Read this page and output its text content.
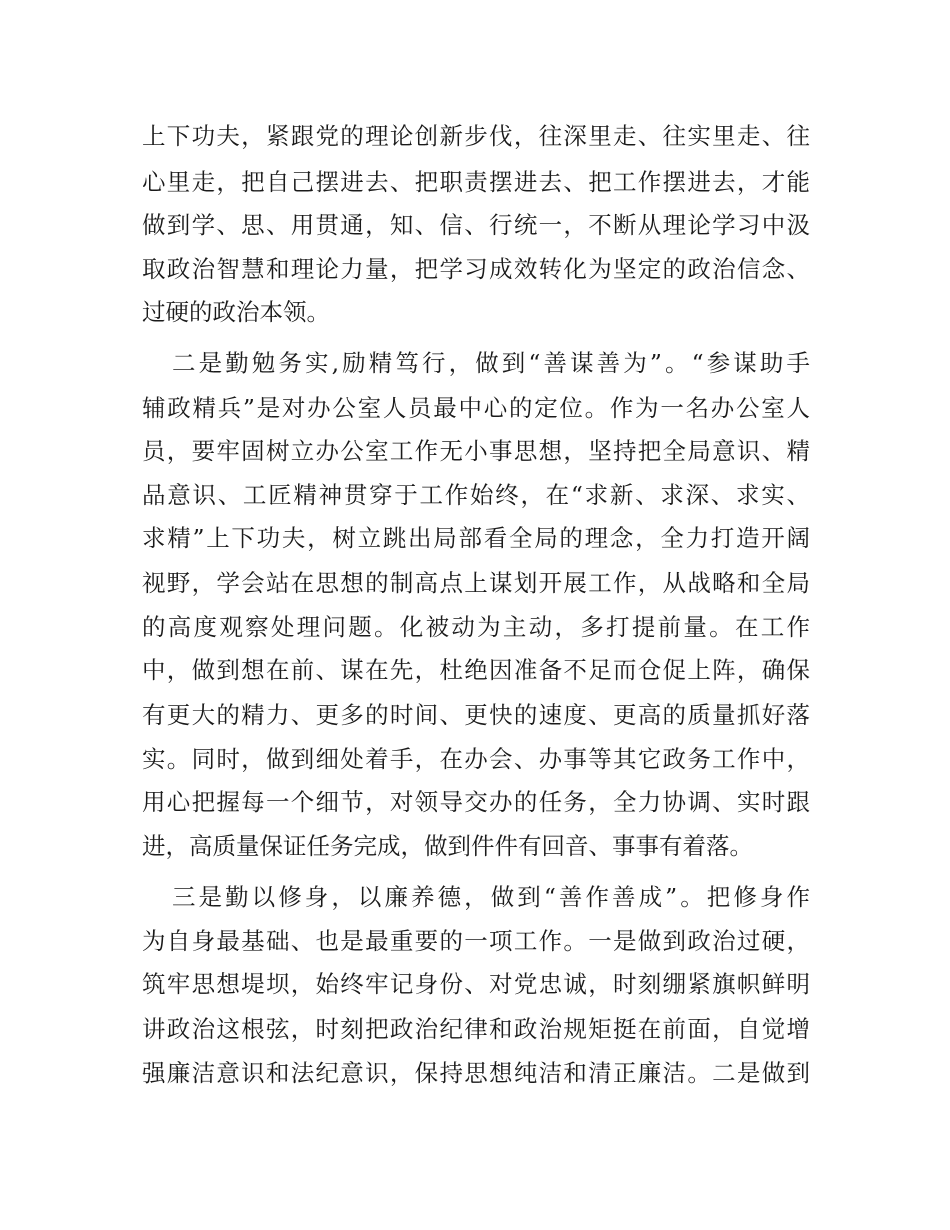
上下功夫，紧跟党的理论创新步伐，往深里走、往实里走、往
心里走，把自己摆进去、把职责摆进去、把工作摆进去，才能
做到学、思、用贯通，知、信、行统一，不断从理论学习中汲
取政治智慧和理论力量，把学习成效转化为坚定的政治信念、
过硬的政治本领。
二是勤勉务实,励精笃行，做到“善谋善为”。“参谋助手
辅政精兵”是对办公室人员最中心的定位。作为一名办公室人
员，要牢固树立办公室工作无小事思想，坚持把全局意识、精
品意识、工匠精神贯穿于工作始终，在“求新、求深、求实、
求精”上下功夫，树立跳出局部看全局的理念，全力打造开阔
视野，学会站在思想的制高点上谋划开展工作，从战略和全局
的高度观察处理问题。化被动为主动，多打提前量。在工作
中，做到想在前、谋在先，杜绝因准备不足而仓促上阵，确保
有更大的精力、更多的时间、更快的速度、更高的质量抓好落
实。同时，做到细处着手，在办会、办事等其它政务工作中，
用心把握每一个细节，对领导交办的任务，全力协调、实时跟
进，高质量保证任务完成，做到件件有回音、事事有着落。
三是勤以修身，以廉养德，做到“善作善成”。把修身作
为自身最基础、也是最重要的一项工作。一是做到政治过硬，
筑牢思想堤坝，始终牢记身份、对党忠诚，时刻绷紧旗帜鲜明
讲政治这根弦，时刻把政治纪律和政治规矩挺在前面，自觉增
强廉洁意识和法纪意识，保持思想纯洁和清正廉洁。二是做到
